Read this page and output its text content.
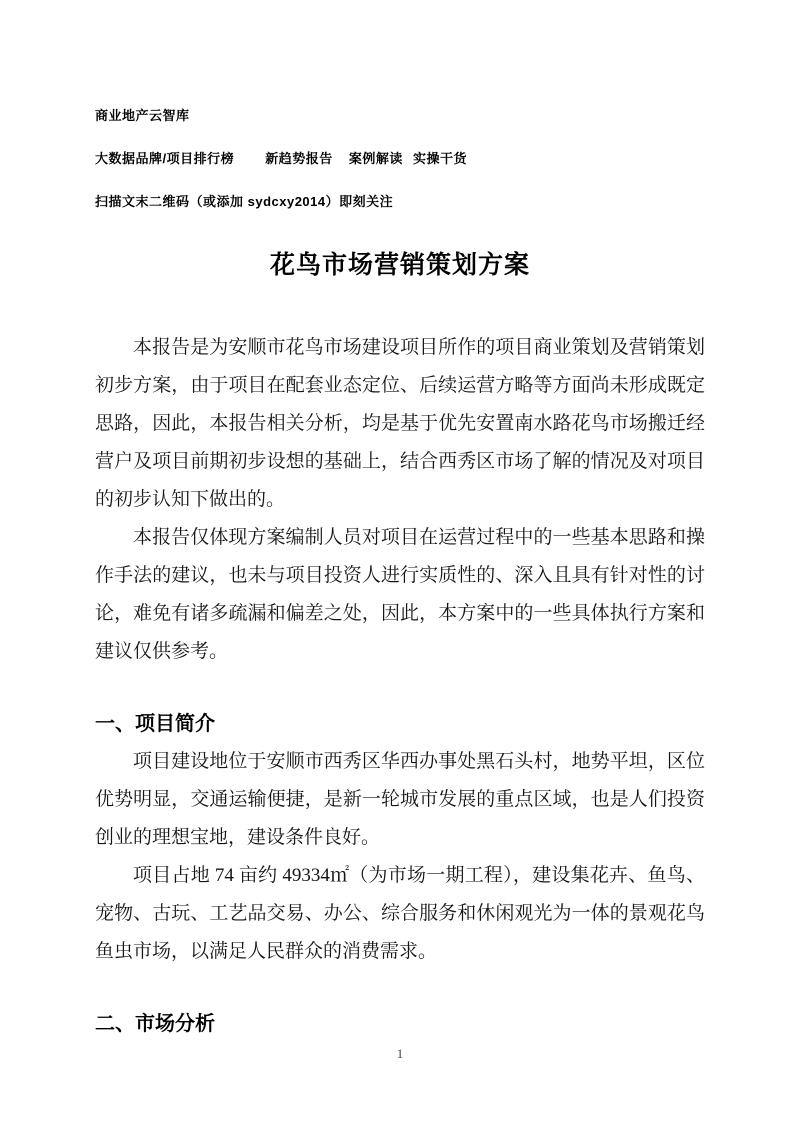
商业地产云智库

大数据品牌/项目排行榜 新趋势报告 案例解读 实操干货

扫描文末二维码（或添加 sydcxy2014）即刻关注

花鸟市场营销策划方案

本报告是为安顺市花鸟市场建设项目所作的项目商业策划及营销策划初步方案，由于项目在配套业态定位、后续运营方略等方面尚未形成既定思路，因此，本报告相关分析，均是基于优先安置南水路花鸟市场搬迁经营户及项目前期初步设想的基础上，结合西秀区市场了解的情况及对项目的初步认知下做出的。

本报告仅体现方案编制人员对项目在运营过程中的一些基本思路和操作手法的建议，也未与项目投资人进行实质性的、深入且具有针对性的讨论，难免有诸多疏漏和偏差之处，因此，本方案中的一些具体执行方案和建议仅供参考。

一、项目简介

项目建设地位于安顺市西秀区华西办事处黑石头村，地势平坦，区位优势明显，交通运输便捷，是新一轮城市发展的重点区域，也是人们投资创业的理想宝地，建设条件良好。

项目占地 74 亩约 49334㎡（为市场一期工程），建设集花卉、鱼鸟、宠物、古玩、工艺品交易、办公、综合服务和休闲观光为一体的景观花鸟鱼虫市场，以满足人民群众的消费需求。

二、市场分析
1
